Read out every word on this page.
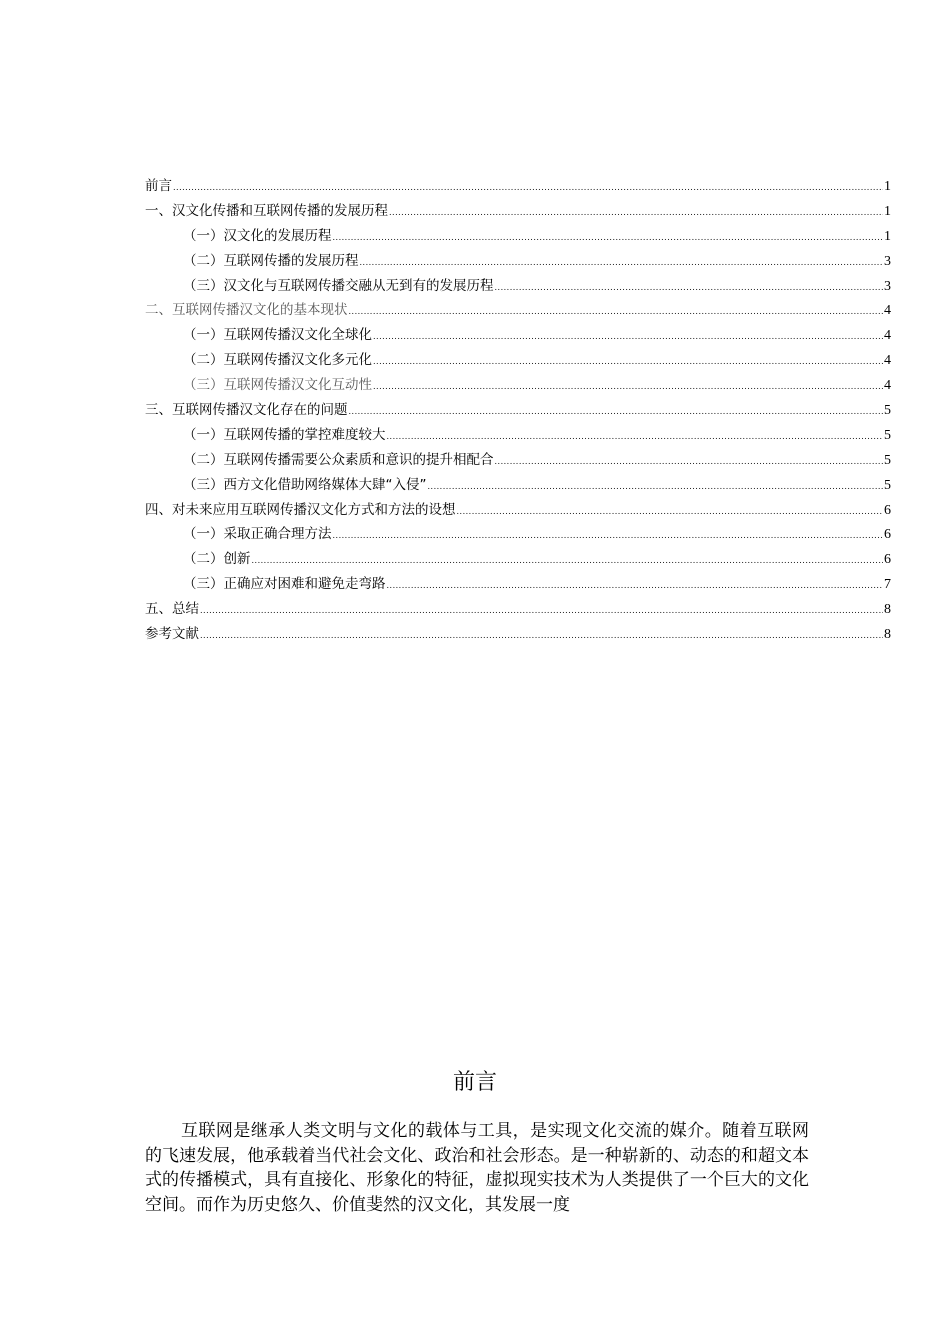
前言 .....	1
一、汉文化传播和互联网传播的发展历程 .....	1
（一）汉文化的发展历程 .....	1
（二）互联网传播的发展历程 .....	3
（三）汉文化与互联网传播交融从无到有的发展历程 .....	3
二、互联网传播汉文化的基本现状 .....	4
（一）互联网传播汉文化全球化 .....	4
（二）互联网传播汉文化多元化 .....	4
（三）互联网传播汉文化互动性 .....	4
三、互联网传播汉文化存在的问题 .....	5
（一）互联网传播的掌控难度较大 .....	5
（二）互联网传播需要公众素质和意识的提升相配合 .....	5
（三）西方文化借助网络媒体大肆“入侵” .....	5
四、对未来应用互联网传播汉文化方式和方法的设想 .....	6
（一）采取正确合理方法 .....	6
（二）创新 .....	6
（三）正确应对困难和避免走弯路 .....	7
五、总结 .....	8
参考文献 .....	8
前言

互联网是继承人类文明与文化的载体与工具，是实现文化交流的媒介。随着互联网的飞速发展，他承载着当代社会文化、政治和社会形态。是一种崭新的、动态的和超文本式的传播模式，具有直接化、形象化的特征，虚拟现实技术为人类提供了一个巨大的文化空间。而作为历史悠久、价值斐然的汉文化，其发展一度
